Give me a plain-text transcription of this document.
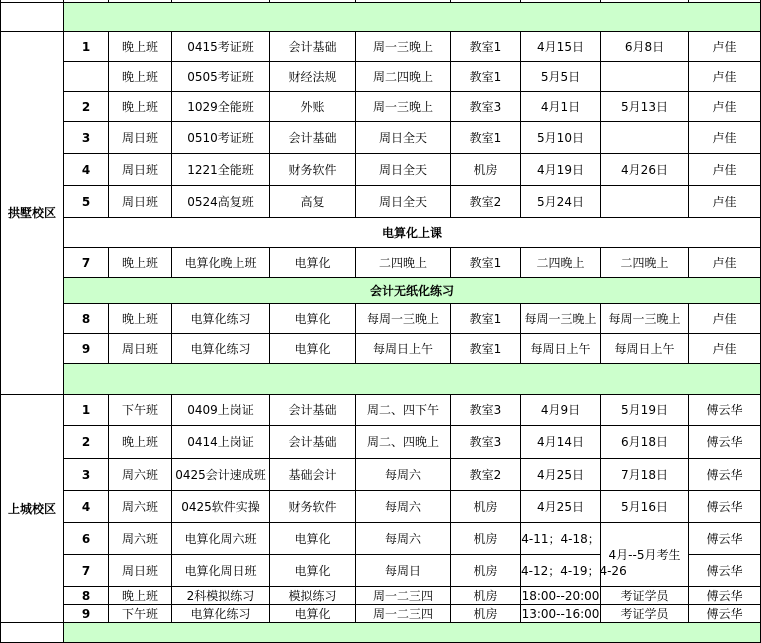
拱墅校区	1	晚上班	0415考证班	会计基础	周一三晚上	教室1	4月15日	6月8日	卢佳
		晚上班	0505考证班	财经法规	周二四晚上	教室1	5月5日		卢佳
	2	晚上班	1029全能班	外账	周一三晚上	教室3	4月1日	5月13日	卢佳
	3	周日班	0510考证班	会计基础	周日全天	教室1	5月10日		卢佳
	4	周日班	1221全能班	财务软件	周日全天	机房	4月19日	4月26日	卢佳
	5	周日班	0524高复班	高复	周日全天	教室2	5月24日		卢佳
	电算化上课								
	7	晚上班	电算化晚上班	电算化	二四晚上	教室1	二四晚上	二四晚上	卢佳
	会计无纸化练习								
	8	晚上班	电算化练习	电算化	每周一三晚上	教室1	每周一三晚上	每周一三晚上	卢佳
	9	周日班	电算化练习	电算化	每周日上午	教室1	每周日上午	每周日上午	卢佳

上城校区	1	下午班	0409上岗证	会计基础	周二、四下午	教室3	4月9日	5月19日	傅云华
	2	晚上班	0414上岗证	会计基础	周二、四晚上	教室3	4月14日	6月18日	傅云华
	3	周六班	0425会计速成班	基础会计	每周六	教室2	4月25日	7月18日	傅云华
	4	周六班	0425软件实操	财务软件	每周六	机房	4月25日	5月16日	傅云华
	6	周六班	电算化周六班	电算化	每周六	机房	4-11；4-18；	4月--5月考生	傅云华
	7	周日班	电算化周日班	电算化	每周日	机房	4-12；4-19；4-26		傅云华
	8	晚上班	2科模拟练习	模拟练习	周一二三四	机房	18:00--20:00	考证学员	傅云华
	9	下午班	电算化练习	电算化	周一二三四	机房	13:00--16:00	考证学员	傅云华
